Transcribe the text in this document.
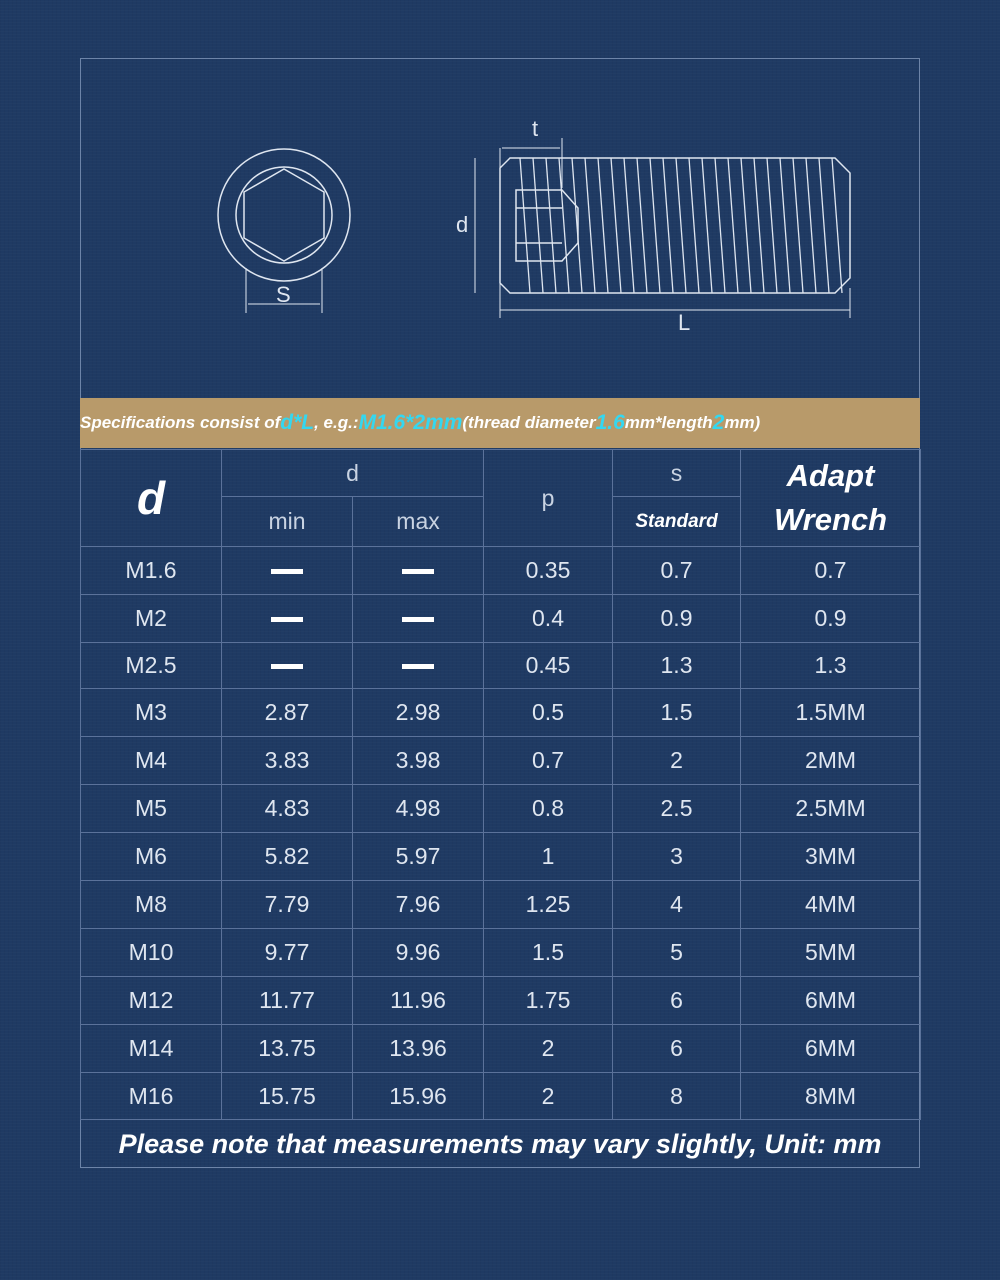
t
d
S
L
Specifications consist of d*L , e.g.: M1.6*2mm (thread diameter 1.6 mm*length 2 mm)
d	d		p	s	Adapt
Wrench

	min	max		Standard	
M1.6			0.35	0.7	0.7
M2			0.4	0.9	0.9
M2.5			0.45	1.3	1.3
M3	2.87	2.98	0.5	1.5	1.5MM
M4	3.83	3.98	0.7	2	2MM
M5	4.83	4.98	0.8	2.5	2.5MM
M6	5.82	5.97	1	3	3MM
M8	7.79	7.96	1.25	4	4MM
M10	9.77	9.96	1.5	5	5MM
M12	11.77	11.96	1.75	6	6MM
M14	13.75	13.96	2	6	6MM
M16	15.75	15.96	2	8	8MM
Please note that measurements may vary slightly, Unit: mm
